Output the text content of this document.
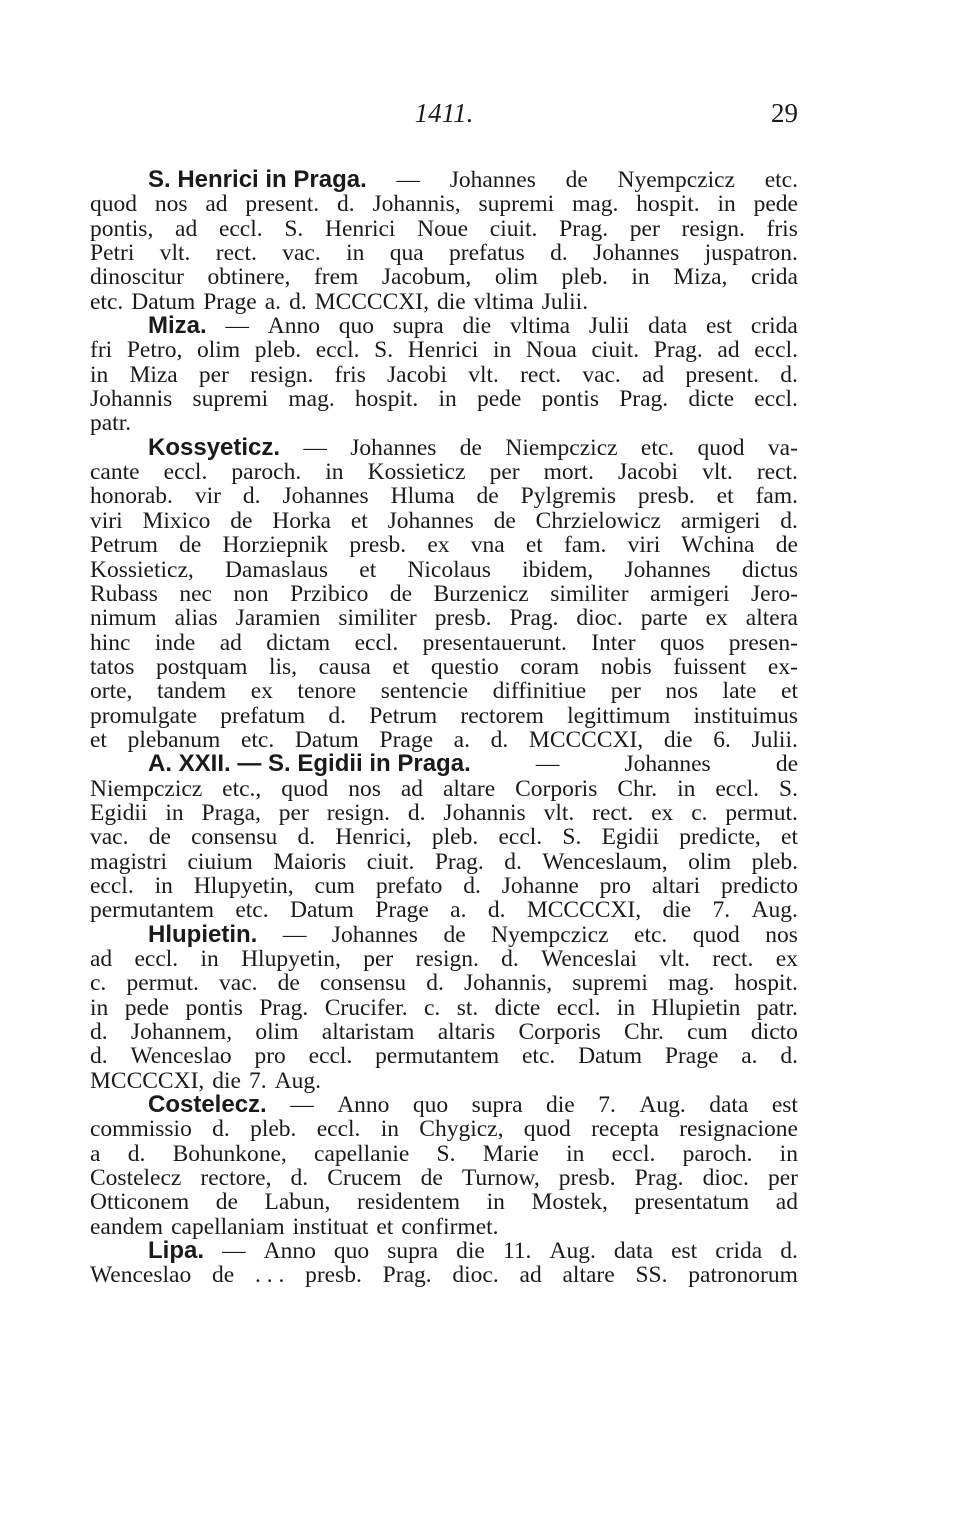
1411.	29
S. Henrici in Praga. — Johannes de Nyempczicz etc.
quod nos ad present. d. Johannis, supremi mag. hospit. in pede
pontis, ad eccl. S. Henrici Noue ciuit. Prag. per resign. fris
Petri vlt. rect. vac. in qua prefatus d. Johannes juspatron.
dinoscitur obtinere, frem Jacobum, olim pleb. in Miza, crida
etc. Datum Prage a. d. MCCCCXI, die vltima Julii.
Miza. — Anno quo supra die vltima Julii data est crida
fri Petro, olim pleb. eccl. S. Henrici in Noua ciuit. Prag. ad eccl.
in Miza per resign. fris Jacobi vlt. rect. vac. ad present. d.
Johannis supremi mag. hospit. in pede pontis Prag. dicte eccl.
patr.
Kossyeticz. — Johannes de Niempczicz etc. quod va-
cante eccl. paroch. in Kossieticz per mort. Jacobi vlt. rect.
honorab. vir d. Johannes Hluma de Pylgremis presb. et fam.
viri Mixico de Horka et Johannes de Chrzielowicz armigeri d.
Petrum de Horziepnik presb. ex vna et fam. viri Wchina de
Kossieticz, Damaslaus et Nicolaus ibidem, Johannes dictus
Rubass nec non Przibico de Burzenicz similiter armigeri Jero-
nimum alias Jaramien similiter presb. Prag. dioc. parte ex altera
hinc inde ad dictam eccl. presentauerunt. Inter quos presen-
tatos postquam lis, causa et questio coram nobis fuissent ex-
orte, tandem ex tenore sentencie diffinitiue per nos late et
promulgate prefatum d. Petrum rectorem legittimum instituimus
et plebanum etc. Datum Prage a. d. MCCCCXI, die 6. Julii.
A. XXII. — S. Egidii in Praga.	—	Johannes	de
Niempczicz etc., quod nos ad altare Corporis Chr. in eccl. S.
Egidii in Praga, per resign. d. Johannis vlt. rect. ex c. permut.
vac. de consensu d. Henrici, pleb. eccl. S. Egidii predicte, et
magistri ciuium Maioris ciuit. Prag. d. Wenceslaum, olim pleb.
eccl. in Hlupyetin, cum prefato d. Johanne pro altari predicto
permutantem etc. Datum Prage a. d. MCCCCXI, die 7. Aug.
Hlupietin. — Johannes de Nyempczicz etc. quod nos
ad eccl. in Hlupyetin, per resign. d. Wenceslai vlt. rect. ex
c. permut. vac. de consensu d. Johannis, supremi mag. hospit.
in pede pontis Prag. Crucifer. c. st. dicte eccl. in Hlupietin patr.
d. Johannem, olim altaristam altaris Corporis Chr. cum dicto
d. Wenceslao pro eccl. permutantem etc. Datum Prage a. d.
MCCCCXI, die 7. Aug.
Costelecz. — Anno quo supra die 7. Aug. data est
commissio d. pleb. eccl. in Chygicz, quod recepta resignacione
a d. Bohunkone, capellanie S. Marie in eccl. paroch. in
Costelecz rectore, d. Crucem de Turnow, presb. Prag. dioc. per
Otticonem de Labun, residentem in Mostek, presentatum ad
eandem capellaniam instituat et confirmet.
Lipa. — Anno quo supra die 11. Aug. data est crida d.
Wenceslao de . . . presb. Prag. dioc. ad altare SS. patronorum
